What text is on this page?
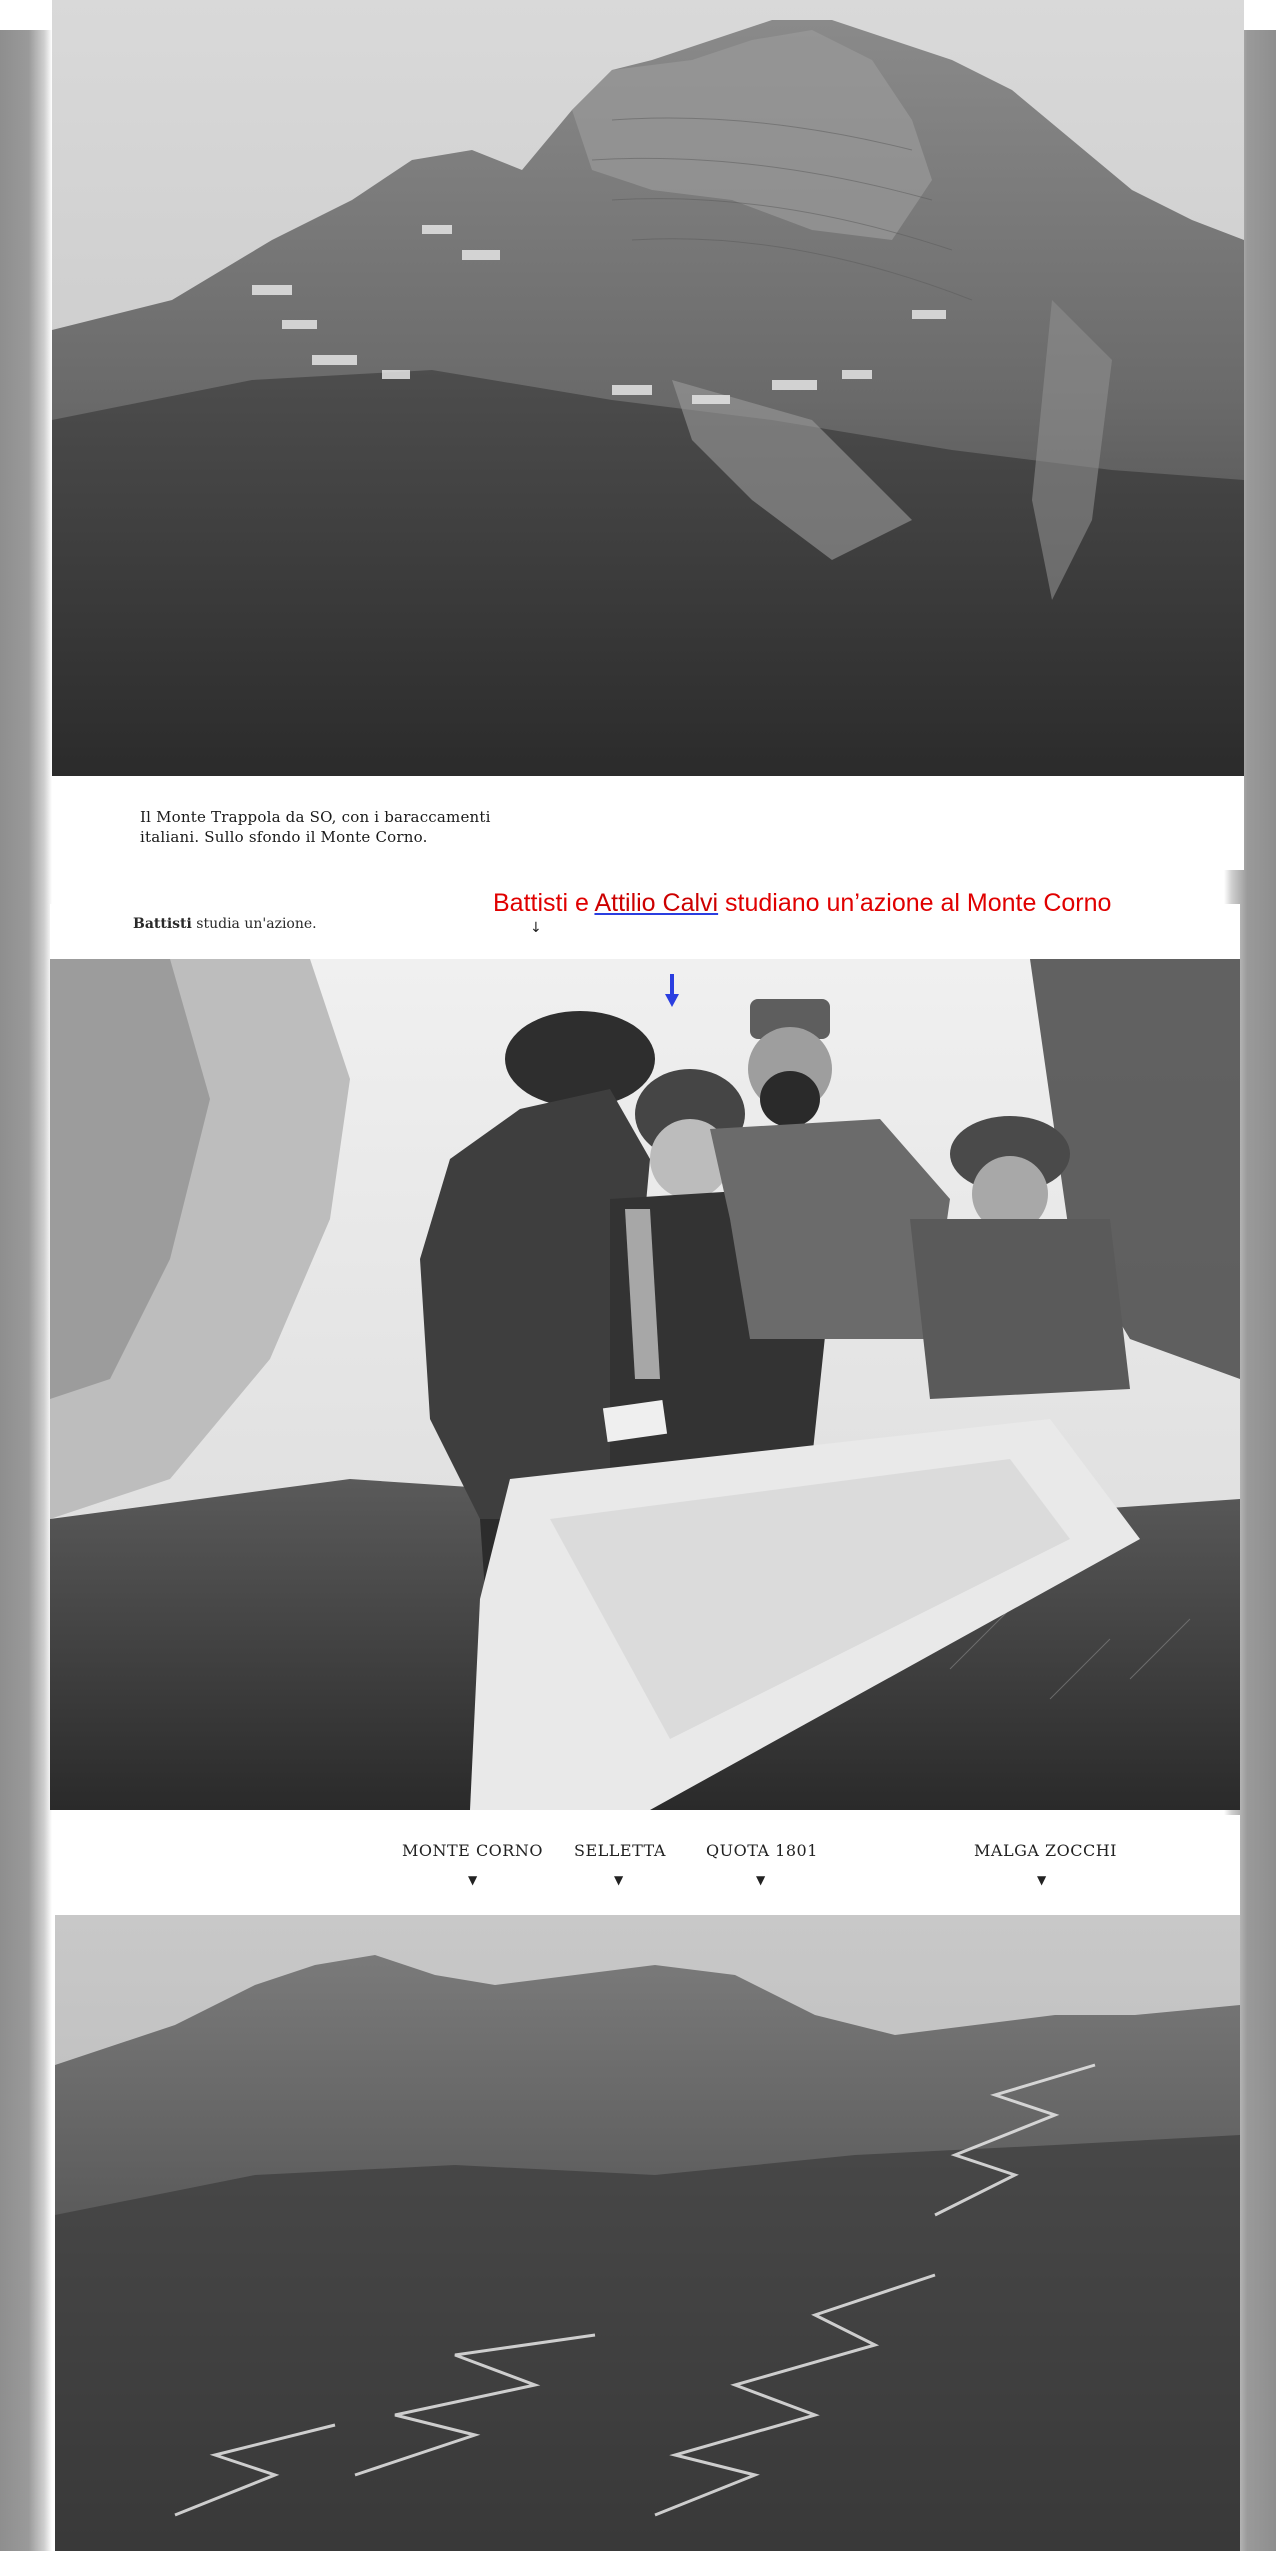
Il Monte Trappola da SO, con i baraccamenti
italiani. Sullo sfondo il Monte Corno.
Battisti studia un'azione.	↓
Battisti e Attilio Calvi studiano un’azione al Monte Corno
MONTE CORNO
▼
SELLETTA
▼
QUOTA 1801
▼
MALGA ZOCCHI
▼
